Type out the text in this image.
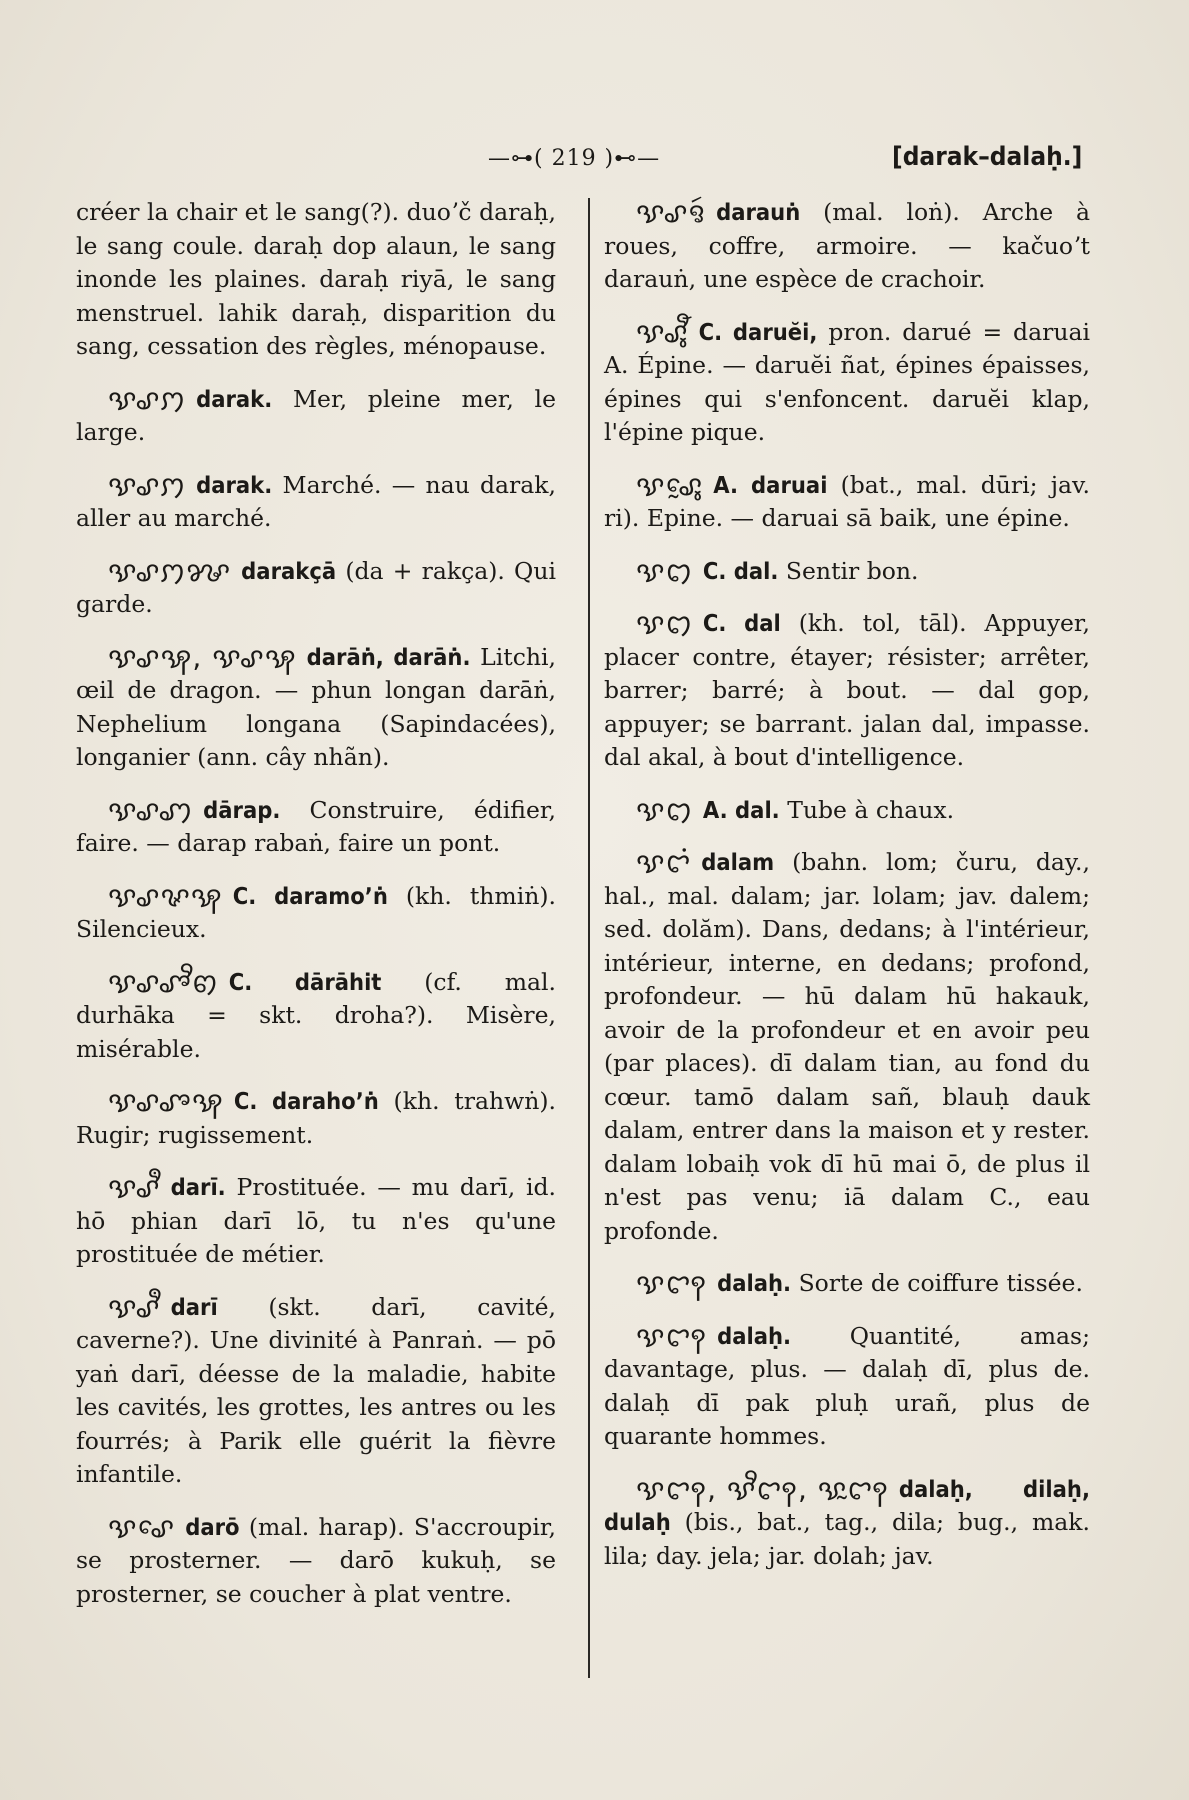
—⊶( 219 )⊷—	[darak–dalaḥ.]

créer la chair et le sang(?). duoʼč daraḥ, le sang coule. daraḥ dop alaun, le sang inonde les plaines. daraḥ riyā, le sang menstruel. lahik daraḥ, disparition du sang, cessation des règles, ménopause.

ꨕꨣꩀ darak. Mer, pleine mer, le large.

ꨕꨣꩀ darak. Marché. — nau darak, aller au marché.

ꨕꨣꩀꨍ darakçā (da + rakça). Qui garde.

ꨕꨣꩂ, ꨕꨣꩂ darāṅ, darāṅ. Litchi, œil de dragon. — phun longan darāṅ, Nephelium longana (Sapindacées), longanier (ann. cây nhãn).

ꨕꨣꩇ dārap. Construire, édifier, faire. — darap rabaṅ, faire un pont.

ꨕꨣꨟꩂ C. daramoʼṅ (kh. thmiṅ). Silencieux.

ꨕꨣꨨꨪꩅ C. dārāhit (cf. mal. durhāka = skt. droha?). Misère, misérable.

ꨕꨣꨨꩂ C. darahoʼṅ (kh. trahwṅ). Rugir; rugissement.

ꨕꨣꨫ darī. Prostituée. — mu darī, id. hō phian darī lō, tu n'es qu'une prostituée de métier.

ꨕꨣꨫ darī (skt. darī, cavité, caverne?). Une divinité à Panraṅ. — pō yaṅ darī, déesse de la maladie, habite les cavités, les grottes, les antres ou les fourrés; à Parik elle guérit la fièvre infantile.

ꨕꨣꨯ darō (mal. harap). S'accroupir, se prosterner. — darō kukuḥ, se prosterner, se coucher à plat ventre.

ꨕꨣꨅꩃ darauṅ (mal. loṅ). Arche à roues, coffre, armoire. — kačuoʼt darauṅ, une espèce de crachoir.

ꨕꨣꨶꨬ C. daruĕi, pron. darué = daruai A. Épine. — daruĕi ñat, épines épaisses, épines qui s'enfoncent. daruĕi klap, l'épine pique.

ꨕꨣꨶꨰ A. daruai (bat., mal. dūri; jav. ri). Epine. — daruai sā baik, une épine.

ꨕꩊ C. dal. Sentir bon.

ꨕꩊ C. dal (kh. tol, tāl). Appuyer, placer contre, étayer; résister; arrêter, barrer; barré; à bout. — dal gop, appuyer; se barrant. jalan dal, impasse. dal akal, à bout d'intelligence.

ꨕꩊ A. dal. Tube à chaux.

ꨕꨤꩌ dalam (bahn. lom; čuru, day., hal., mal. dalam; jar. lolam; jav. dalem; sed. dolăm). Dans, dedans; à l'intérieur, intérieur, interne, en dedans; profond, profondeur. — hū dalam hū hakauk, avoir de la profondeur et en avoir peu (par places). dī dalam tian, au fond du cœur. tamō dalam sañ, blauḥ dauk dalam, entrer dans la maison et y rester. dalam lobaiḥ vok dī hū mai ō, de plus il n'est pas venu; iā dalam C., eau profonde.

ꨕꨤꩍ dalaḥ. Sorte de coiffure tissée.

ꨕꨤꩍ dalaḥ. Quantité, amas; davantage, plus. — dalaḥ dī, plus de. dalaḥ dī pak pluḥ urañ, plus de quarante hommes.

ꨕꨤꩍ, ꨕꨪꨤꩍ, ꨕꨭꨤꩍ dalaḥ, dilaḥ, dulaḥ (bis., bat., tag., dila; bug., mak. lila; day. jela; jar. dolah; jav.
